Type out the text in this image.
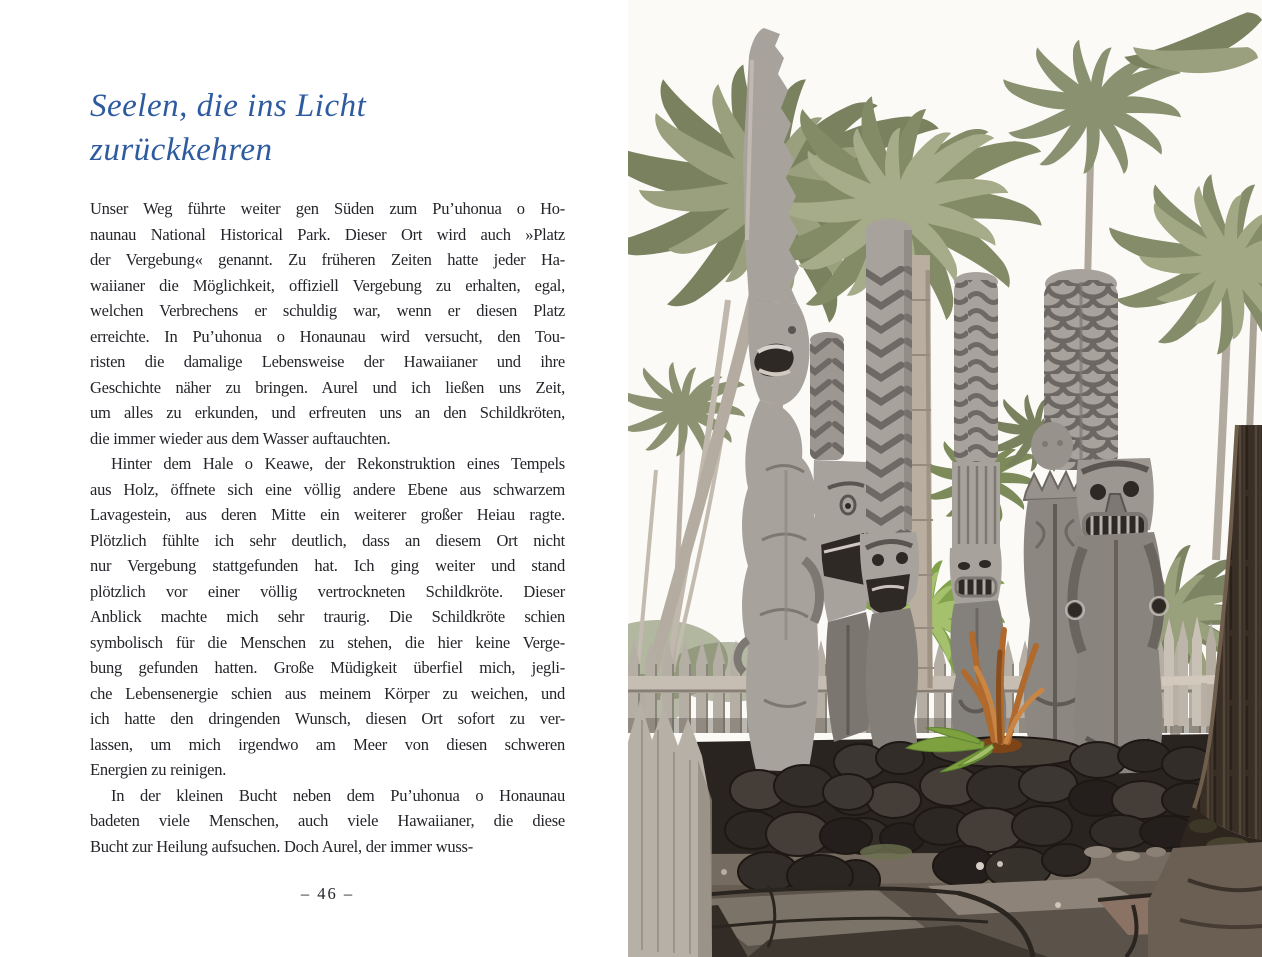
Seelen, die ins Licht
zurückkehren
Unser Weg führte weiter gen Süden zum Pu’uhonua o Ho-
naunau National Historical Park. Dieser Ort wird auch »Platz
der Vergebung« genannt. Zu früheren Zeiten hatte jeder Ha-
waiianer die Möglichkeit, offiziell Vergebung zu erhalten, egal,
welchen Verbrechens er schuldig war, wenn er diesen Platz
erreichte. In Pu’uhonua o Honaunau wird versucht, den Tou-
risten die damalige Lebensweise der Hawaiianer und ihre
Geschichte näher zu bringen. Aurel und ich ließen uns Zeit,
um alles zu erkunden, und erfreuten uns an den Schildkröten,
die immer wieder aus dem Wasser auftauchten.
Hinter dem Hale o Keawe, der Rekonstruktion eines Tempels
aus Holz, öffnete sich eine völlig andere Ebene aus schwarzem
Lavagestein, aus deren Mitte ein weiterer großer Heiau ragte.
Plötzlich fühlte ich sehr deutlich, dass an diesem Ort nicht
nur Vergebung stattgefunden hat. Ich ging weiter und stand
plötzlich vor einer völlig vertrockneten Schildkröte. Dieser
Anblick machte mich sehr traurig. Die Schildkröte schien
symbolisch für die Menschen zu stehen, die hier keine Verge-
bung gefunden hatten. Große Müdigkeit überfiel mich, jegli-
che Lebensenergie schien aus meinem Körper zu weichen, und
ich hatte den dringenden Wunsch, diesen Ort sofort zu ver-
lassen, um mich irgendwo am Meer von diesen schweren
Energien zu reinigen.
In der kleinen Bucht neben dem Pu’uhonua o Honaunau
badeten viele Menschen, auch viele Hawaiianer, die diese
Bucht zur Heilung aufsuchen. Doch Aurel, der immer wuss-
– 46 –
